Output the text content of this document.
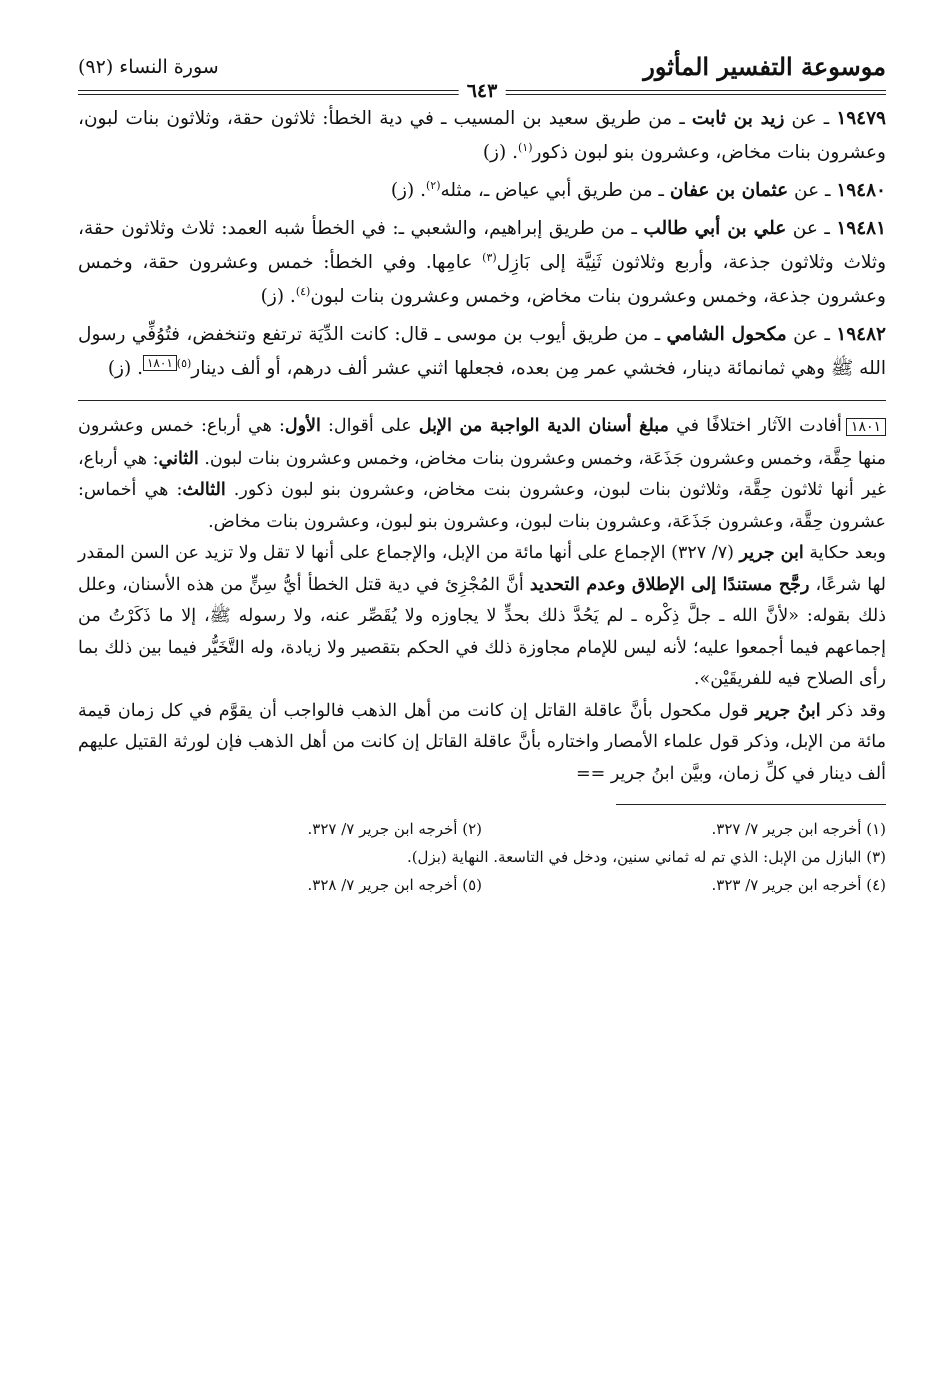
موسوعة التفسير المأثور
سورة النساء (٩٢)
٦٤٣

١٩٤٧٩ ـ عن زيد بن ثابت ـ من طريق سعيد بن المسيب ـ في دية الخطأ: ثلاثون حقة، وثلاثون بنات لبون، وعشرون بنات مخاض، وعشرون بنو لبون ذكور$^{(١)}$. (ز)

١٩٤٨٠ ـ عن عثمان بن عفان ـ من طريق أبي عياض ـ، مثله$^{(٢)}$. (ز)

١٩٤٨١ ـ عن علي بن أبي طالب ـ من طريق إبراهيم، والشعبي ـ: في الخطأ شبه العمد: ثلاث وثلاثون حقة، وثلاث وثلاثون جذعة، وأربع وثلاثون ثَنِيَّة إلى بَازِل$^{(٣)}$ عامِها. وفي الخطأ: خمس وعشرون حقة، وخمس وعشرون جذعة، وخمس وعشرون بنات مخاض، وخمس وعشرون بنات لبون$^{(٤)}$. (ز)

١٩٤٨٢ ـ عن مكحول الشامي ـ من طريق أيوب بن موسى ـ قال: كانت الدِّيَة ترتفع وتنخفض، فتُوُفِّي رسول الله ﷺ وهي ثمانمائة دينار، فخشي عمر مِن بعده، فجعلها اثني عشر ألف درهم، أو ألف دينار$^{(٥)١٨٠١}$. (ز)

١٨٠١أفادت الآثار اختلافًا في مبلغ أسنان الدية الواجبة من الإبل على أقوال: الأول: هي أرباع: خمس وعشرون منها حِقَّة، وخمس وعشرون جَذَعَة، وخمس وعشرون بنات مخاض، وخمس وعشرون بنات لبون. الثاني: هي أرباع، غير أنها ثلاثون حِقَّة، وثلاثون بنات لبون، وعشرون بنت مخاض، وعشرون بنو لبون ذكور. الثالث: هي أخماس: عشرون حِقَّة، وعشرون جَذَعَة، وعشرون بنات لبون، وعشرون بنو لبون، وعشرون بنات مخاض.

وبعد حكاية ابن جرير (٧/ ٣٢٧) الإجماع على أنها مائة من الإبل، والإجماع على أنها لا تقل ولا تزيد عن السن المقدر لها شرعًا، رجَّح مستندًا إلى الإطلاق وعدم التحديد أنَّ المُجْزِئ في دية قتل الخطأ أيُّ سِنٍّ من هذه الأسنان، وعلل ذلك بقوله: «لأنَّ الله ـ جلَّ ذِكْره ـ لم يَحُدَّ ذلك بحدٍّ لا يجاوزه ولا يُقَصِّر عنه، ولا رسوله ﷺ، إلا ما ذَكَرْتُ من إجماعهم فيما أجمعوا عليه؛ لأنه ليس للإمام مجاوزة ذلك في الحكم بتقصير ولا زيادة، وله التَّخَيُّر فيما بين ذلك بما رأى الصلاح فيه للفريقَيْن».

وقد ذكر ابنُ جرير قول مكحول بأنَّ عاقلة القاتل إن كانت من أهل الذهب فالواجب أن يقوَّم في كل زمان قيمة مائة من الإبل، وذكر قول علماء الأمصار واختاره بأنَّ عاقلة القاتل إن كانت من أهل الذهب فإن لورثة القتيل عليهم ألف دينار في كلِّ زمان، وبيَّن ابنُ جرير ==

(١) أخرجه ابن جرير ٧/ ٣٢٧.
(٢) أخرجه ابن جرير ٧/ ٣٢٧.
(٣) البازل من الإبل: الذي تم له ثماني سنين، ودخل في التاسعة. النهاية (بزل).
(٤) أخرجه ابن جرير ٧/ ٣٢٣.
(٥) أخرجه ابن جرير ٧/ ٣٢٨.
